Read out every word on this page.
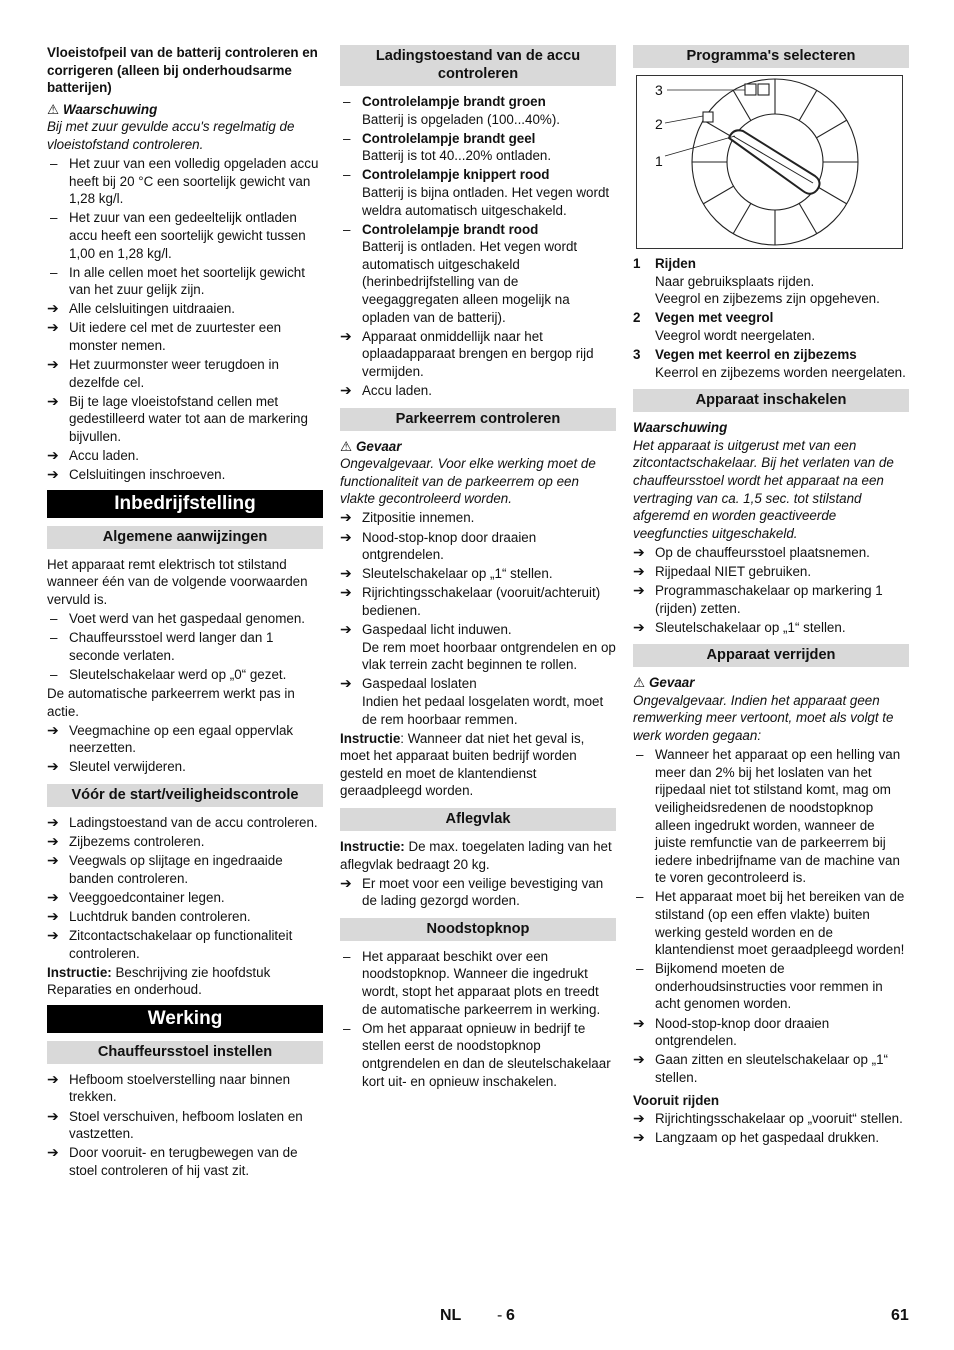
Vloeistofpeil van de batterij controleren en corrigeren (alleen bij onderhoudsarme batterijen)
⚠ Waarschuwing
Bij met zuur gevulde accu's regelmatig de vloeistofstand controleren.
– Het zuur van een volledig opgeladen accu heeft bij 20 °C een soortelijk gewicht van 1,28 kg/l.
– Het zuur van een gedeeltelijk ontladen accu heeft een soortelijk gewicht tussen 1,00 en 1,28 kg/l.
– In alle cellen moet het soortelijk gewicht van het zuur gelijk zijn.
➔ Alle celsluitingen uitdraaien.
➔ Uit iedere cel met de zuurtester een monster nemen.
➔ Het zuurmonster weer terugdoen in dezelfde cel.
➔ Bij te lage vloeistofstand cellen met gedestilleerd water tot aan de markering bijvullen.
➔ Accu laden.
➔ Celsluitingen inschroeven.
Inbedrijfstelling
Algemene aanwijzingen
Het apparaat remt elektrisch tot stilstand wanneer één van de volgende voorwaarden vervuld is.
– Voet werd van het gaspedaal genomen.
– Chauffeursstoel werd langer dan 1 seconde verlaten.
– Sleutelschakelaar werd op „0“ gezet.
De automatische parkeerrem werkt pas in actie.
➔ Veegmachine op een egaal oppervlak neerzetten.
➔ Sleutel verwijderen.
Vóór de start/veiligheidscontrole
➔ Ladingstoestand van de accu controleren.
➔ Zijbezems controleren.
➔ Veegwals op slijtage en ingedraaide banden controleren.
➔ Veeggoedcontainer legen.
➔ Luchtdruk banden controleren.
➔ Zitcontactschakelaar op functionaliteit controleren.
Instructie: Beschrijving zie hoofdstuk Reparaties en onderhoud.
Werking
Chauffeursstoel instellen
➔ Hefboom stoelverstelling naar binnen trekken.
➔ Stoel verschuiven, hefboom loslaten en vastzetten.
➔ Door vooruit- en terugbewegen van de stoel controleren of hij vast zit.
Ladingstoestand van de accu controleren
– Controlelampje brandt groen
Batterij is opgeladen (100...40%).
– Controlelampje brandt geel
Batterij is tot 40...20% ontladen.
– Controlelampje knippert rood
Batterij is bijna ontladen. Het vegen wordt weldra automatisch uitgeschakeld.
– Controlelampje brandt rood
Batterij is ontladen. Het vegen wordt automatisch uitgeschakeld (herinbedrijfstelling van de veegaggregaten alleen mogelijk na opladen van de batterij).
➔ Apparaat onmiddellijk naar het oplaadapparaat brengen en bergop rijd vermijden.
➔ Accu laden.
Parkeerrem controleren
⚠ Gevaar
Ongevalgevaar. Voor elke werking moet de functionaliteit van de parkeerrem op een vlakte gecontroleerd worden.
➔ Zitpositie innemen.
➔ Nood-stop-knop door draaien ontgrendelen.
➔ Sleutelschakelaar op „1“ stellen.
➔ Rijrichtingsschakelaar (vooruit/achteruit) bedienen.
➔ Gaspedaal licht induwen.
De rem moet hoorbaar ontgrendelen en op vlak terrein zacht beginnen te rollen.
➔ Gaspedaal loslaten
Indien het pedaal losgelaten wordt, moet de rem hoorbaar remmen.
Instructie: Wanneer dat niet het geval is, moet het apparaat buiten bedrijf worden gesteld en moet de klantendienst geraadpleegd worden.
Aflegvlak
Instructie: De max. toegelaten lading van het aflegvlak bedraagt 20 kg.
➔ Er moet voor een veilige bevestiging van de lading gezorgd worden.
Noodstopknop
– Het apparaat beschikt over een noodstopknop. Wanneer die ingedrukt wordt, stopt het apparaat plots en treedt de automatische parkeerrem in werking.
– Om het apparaat opnieuw in bedrijf te stellen eerst de noodstopknop ontgrendelen en dan de sleutelschakelaar kort uit- en opnieuw inschakelen.
Programma's selecteren
3
2
1
1	Rijden
Naar gebruiksplaats rijden.
Veegrol en zijbezems zijn opgeheven.
2	Vegen met veegrol
Veegrol wordt neergelaten.
3	Vegen met keerrol en zijbezems
Keerrol en zijbezems worden neergelaten.
Apparaat inschakelen
Waarschuwing
Het apparaat is uitgerust met van een zitcontactschakelaar. Bij het verlaten van de chauffeursstoel wordt het apparaat na een vertraging van ca. 1,5 sec. tot stilstand afgeremd en worden geactiveerde veegfuncties uitgeschakeld.
➔ Op de chauffeursstoel plaatsnemen.
➔ Rijpedaal NIET gebruiken.
➔ Programmaschakelaar op markering 1 (rijden) zetten.
➔ Sleutelschakelaar op „1“ stellen.
Apparaat verrijden
⚠ Gevaar
Ongevalgevaar. Indien het apparaat geen remwerking meer vertoont, moet als volgt te werk worden gegaan:
– Wanneer het apparaat op een helling van meer dan 2% bij het loslaten van het rijpedaal niet tot stilstand komt, mag om veiligheidsredenen de noodstopknop alleen ingedrukt worden, wanneer de juiste remfunctie van de parkeerrem bij iedere inbedrijfname van de machine van te voren gecontroleerd is.
– Het apparaat moet bij het bereiken van de stilstand (op een effen vlakte) buiten werking gesteld worden en de klantendienst moet geraadpleegd worden!
– Bijkomend moeten de onderhoudsinstructies voor remmen in acht genomen worden.
➔ Nood-stop-knop door draaien ontgrendelen.
➔ Gaan zitten en sleutelschakelaar op „1“ stellen.
Vooruit rijden
➔ Rijrichtingsschakelaar op „vooruit“ stellen.
➔ Langzaam op het gaspedaal drukken.
NL - 6	61
